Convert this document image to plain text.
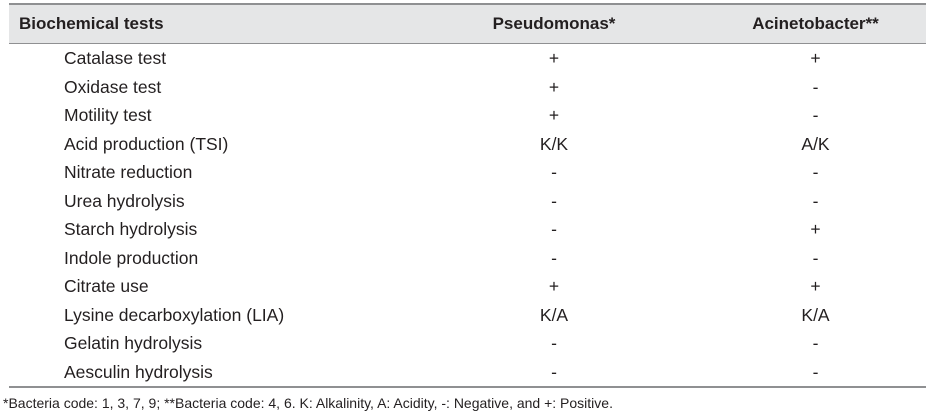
Biochemical tests	Pseudomonas*	Acinetobacter**
Catalase test	+	+
Oxidase test	+	-
Motility test	+	-
Acid production (TSI)	K/K	A/K
Nitrate reduction	-	-
Urea hydrolysis	-	-
Starch hydrolysis	-	+
Indole production	-	-
Citrate use	+	+
Lysine decarboxylation (LIA)	K/A	K/A
Gelatin hydrolysis	-	-
Aesculin hydrolysis	-	-
*Bacteria code: 1, 3, 7, 9; **Bacteria code: 4, 6. K: Alkalinity, A: Acidity, -: Negative, and +: Positive.
